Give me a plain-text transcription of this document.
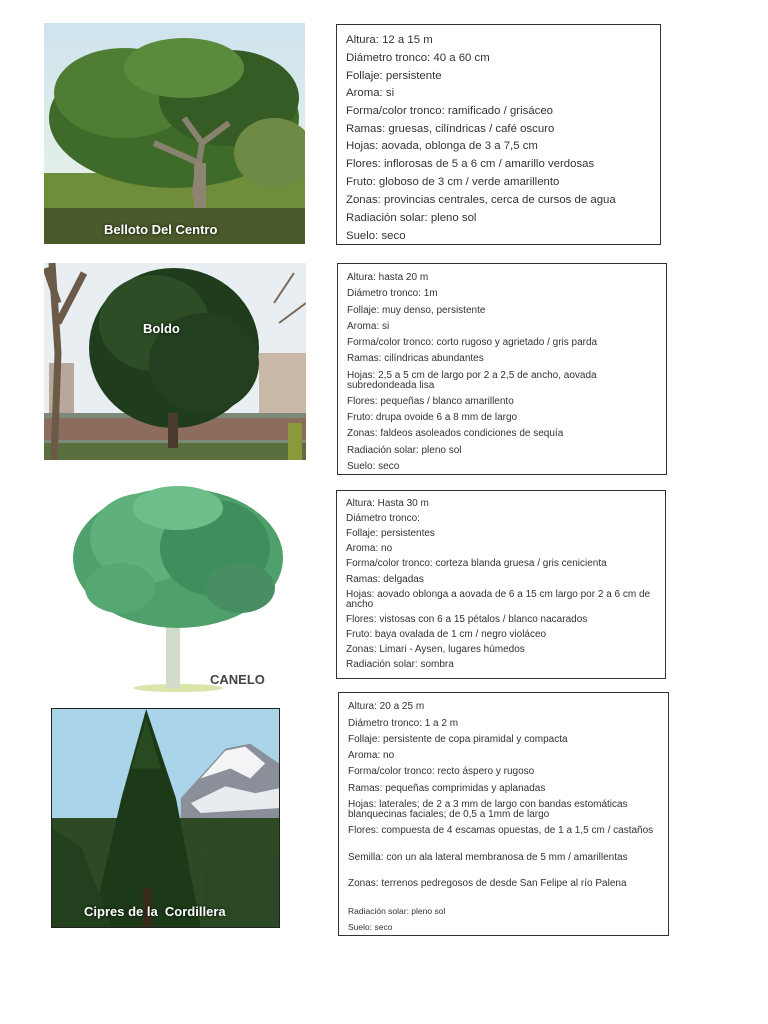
Belloto Del Centro
Altura: 12 a 15 m
Diámetro tronco: 40 a 60 cm
Follaje: persistente
Aroma: si
Forma/color tronco: ramificado / grisáceo
Ramas: gruesas, cilíndricas / café oscuro
Hojas: aovada, oblonga de 3 a 7,5 cm
Flores: inflorosas de 5 a 6 cm / amarillo verdosas
Fruto: globoso de 3 cm / verde amarillento
Zonas: provincias centrales, cerca de cursos de agua
Radiación solar: pleno sol
Suelo: seco
Boldo
Altura: hasta 20 m
Diámetro tronco: 1m
Follaje: muy denso, persistente
Aroma: si
Forma/color tronco: corto rugoso y agrietado / gris parda
Ramas: cilíndricas abundantes
Hojas: 2,5 a 5 cm de largo por 2 a 2,5 de ancho, aovada subredondeada lisa
Flores: pequeñas / blanco amarillento
Fruto: drupa ovoide 6 a 8 mm de largo
Zonas: faldeos asoleados condiciones de sequía
Radiación solar: pleno sol
Suelo: seco
CANELO
Altura: Hasta 30 m
Diámetro tronco:
Follaje: persistentes
Aroma: no
Forma/color tronco: corteza blanda gruesa / gris cenicienta
Ramas: delgadas
Hojas: aovado oblonga a aovada de 6 a 15 cm largo por 2 a 6 cm de ancho
Flores: vistosas con 6 a 15 pétalos / blanco nacarados
Fruto: baya ovalada de 1 cm / negro violáceo
Zonas: Limari - Aysen, lugares húmedos
Radiación solar: sombra
Cipres de la  Cordillera
Altura: 20 a 25 m
Diámetro tronco: 1 a 2 m
Follaje: persistente de copa piramidal y compacta
Aroma: no
Forma/color tronco: recto áspero y rugoso
Ramas: pequeñas comprimidas y aplanadas
Hojas: laterales; de 2 a 3 mm de largo con bandas estomáticas blanquecinas faciales; de 0,5 a 1mm de largo
Flores: compuesta de 4 escamas opuestas, de 1 a 1,5 cm / castaños
Semilla: con un ala lateral membranosa de 5 mm / amarillentas
Zonas: terrenos pedregosos de desde San Felipe al río Palena
Radiación solar: pleno sol
Suelo: seco
